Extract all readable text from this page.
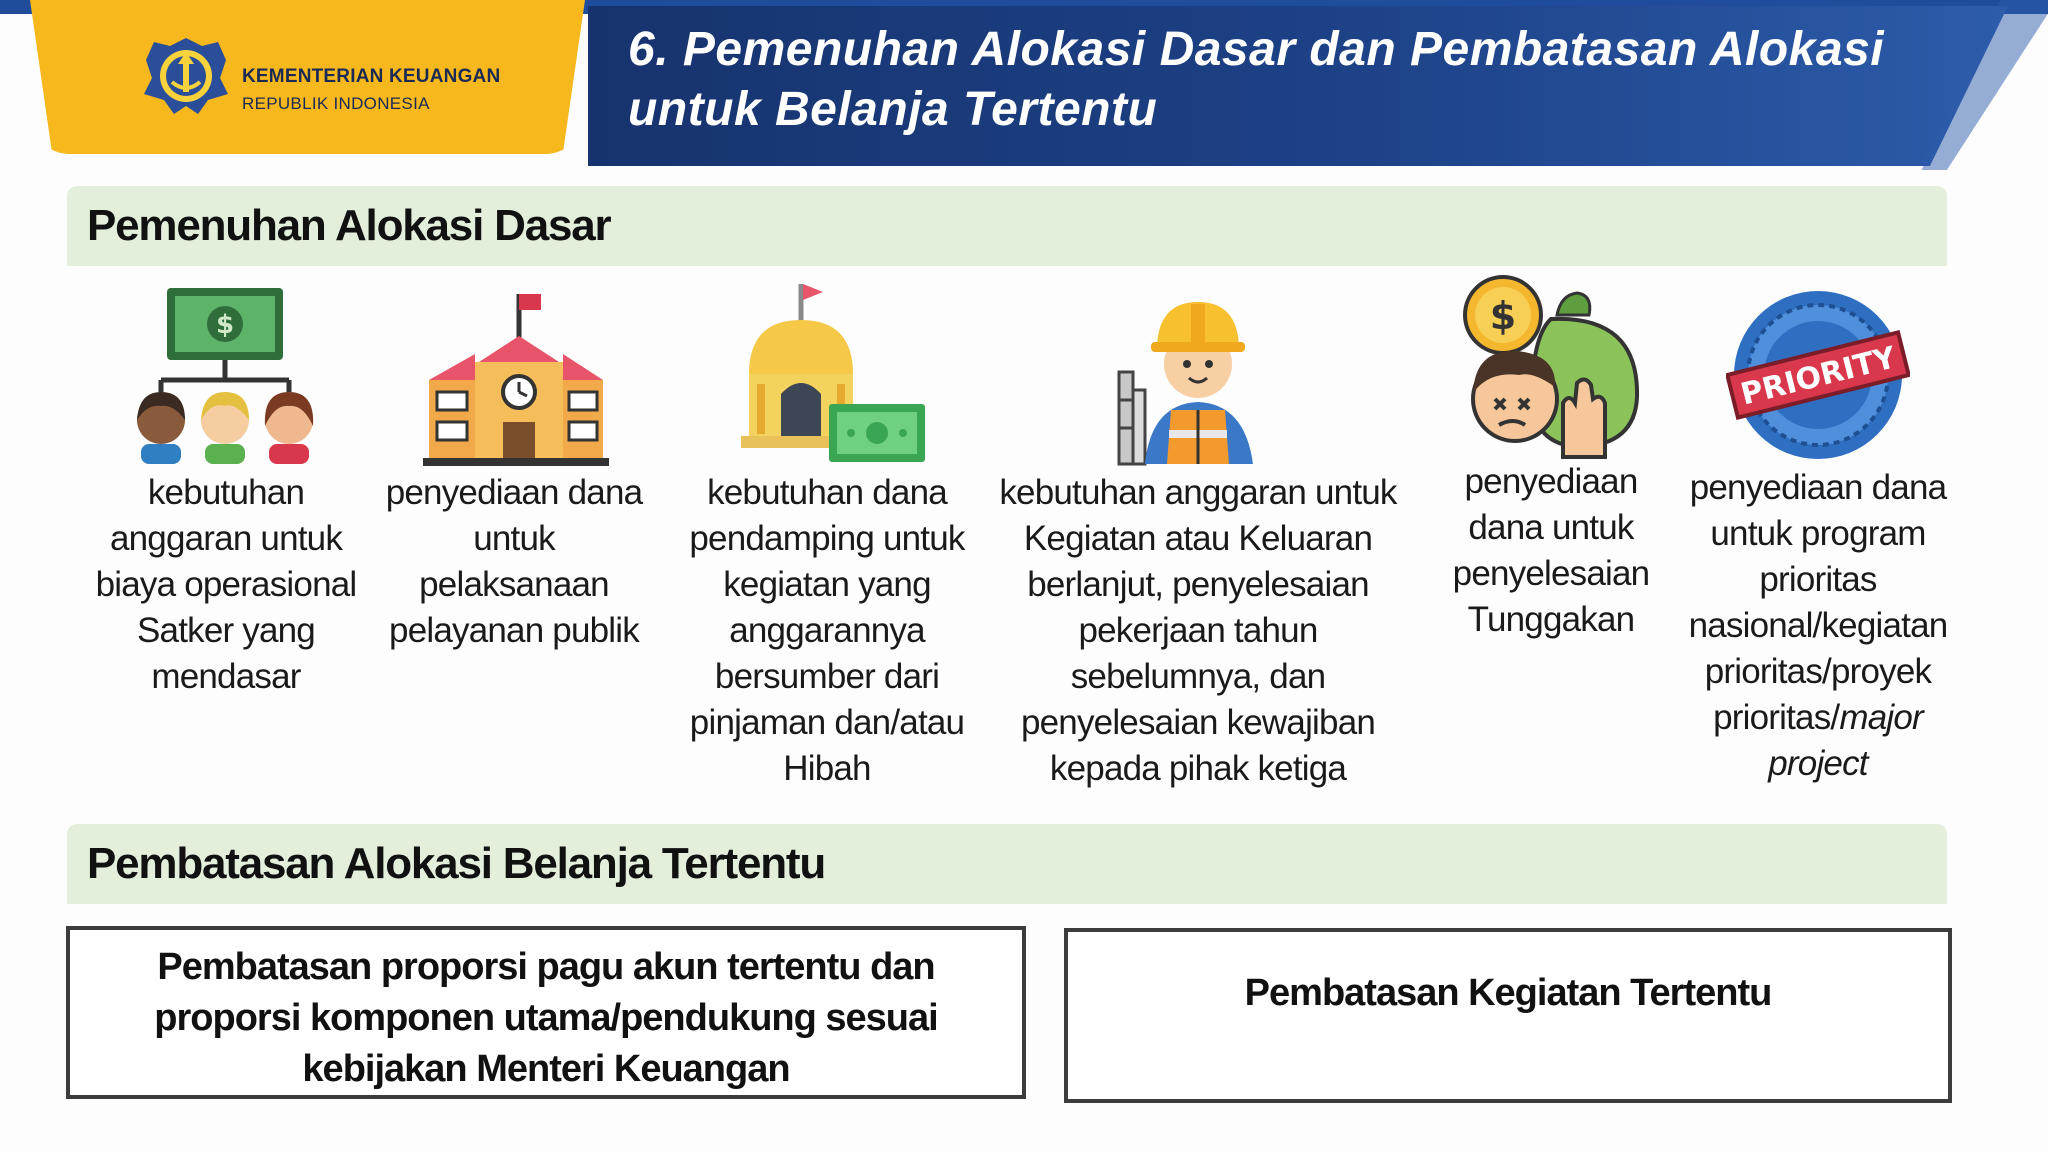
KEMENTERIAN KEUANGAN
REPUBLIK INDONESIA
6. Pemenuhan Alokasi Dasar dan Pembatasan Alokasi
untuk Belanja Tertentu
Pemenuhan Alokasi Dasar
$
kebutuhan
anggaran untuk
biaya operasional
Satker yang
mendasar
penyediaan dana
untuk
pelaksanaan
pelayanan publik
kebutuhan dana
pendamping untuk
kegiatan yang
anggarannya
bersumber dari
pinjaman dan/atau
Hibah
kebutuhan anggaran untuk
Kegiatan atau Keluaran
berlanjut, penyelesaian
pekerjaan tahun
sebelumnya, dan
penyelesaian kewajiban
kepada pihak ketiga
$
penyediaan
dana untuk
penyelesaian
Tunggakan
PRIORITY
penyediaan dana
untuk program
prioritas
nasional/kegiatan
prioritas/proyek
prioritas/major
project
Pembatasan Alokasi Belanja Tertentu
Pembatasan proporsi pagu akun tertentu dan
proporsi komponen utama/pendukung sesuai
kebijakan Menteri Keuangan
Pembatasan Kegiatan Tertentu
